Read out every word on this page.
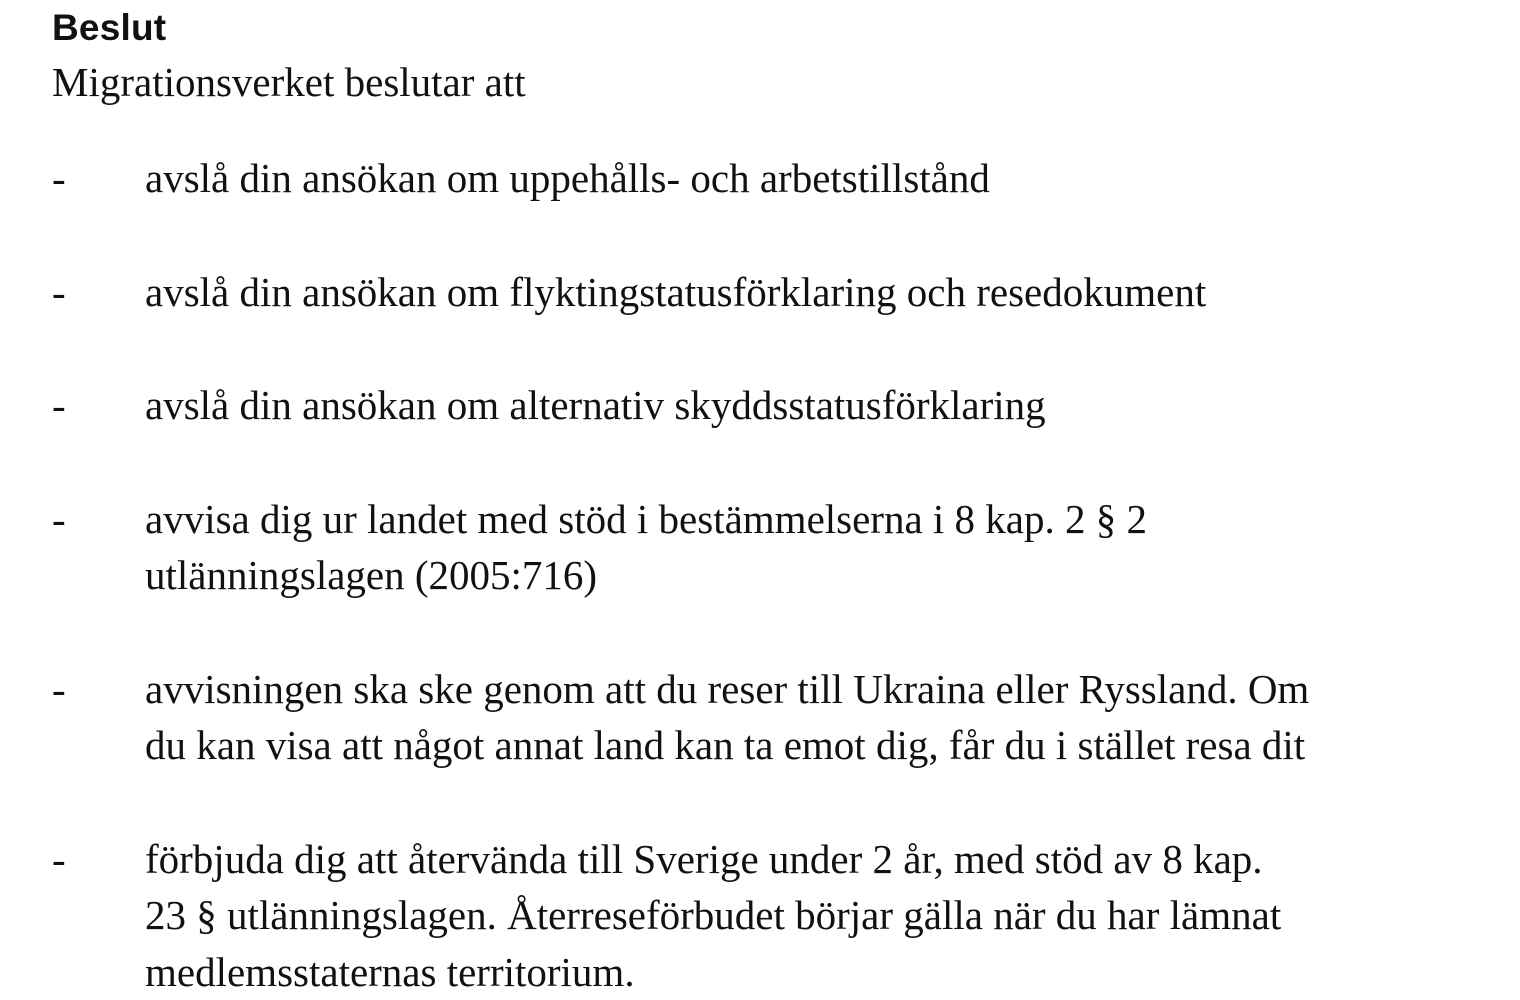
Beslut
Migrationsverket beslutar att
-	avslå din ansökan om uppehålls- och arbetstillstånd
-	avslå din ansökan om flyktingstatusförklaring och resedokument
-	avslå din ansökan om alternativ skyddsstatusförklaring
-	avvisa dig ur landet med stöd i bestämmelserna i 8 kap. 2 § 2
utlänningslagen (2005:716)
-	avvisningen ska ske genom att du reser till Ukraina eller Ryssland. Om
du kan visa att något annat land kan ta emot dig, får du i stället resa dit
-	förbjuda dig att återvända till Sverige under 2 år, med stöd av 8 kap.
23 § utlänningslagen. Återreseförbudet börjar gälla när du har lämnat
medlemsstaternas territorium.
